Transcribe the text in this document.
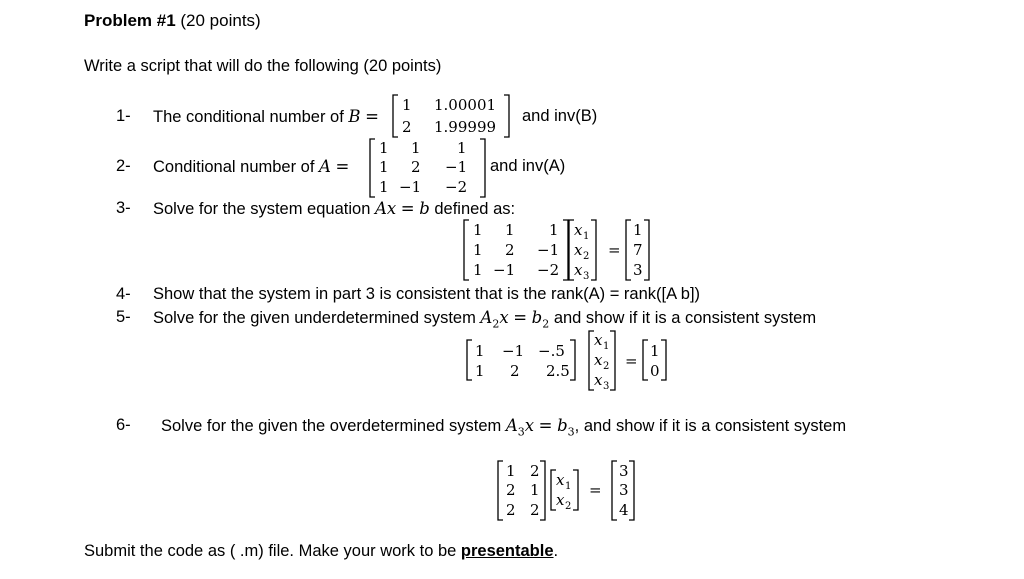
Problem #1 (20 points)
Write a script that will do the following (20 points)
1- The conditional number of B =
1 1.00001
2 1.99999
and inv(B)
2- Conditional number of A =
1 1 1
1 2 −1
1 −1 −2
and inv(A)
3- Solve for the system equation Ax = b defined as:
1 1 1
1 2 −1
1 −1 −2
x 1
x 2
x 3
=
1
7
3
4- Show that the system in part 3 is consistent that is the rank(A) = rank([A b])
5- Solve for the given underdetermined system $A_2x = b_2$ and show if it is a consistent system
1 −1 −.5
1 2 2.5
x 1
x 2
x 3
=
1
0
6- Solve for the given the overdetermined system $A_3x = b_3$, and show if it is a consistent system
1 2
2 1
2 2
x 1
x 2
=
3
3
4
Submit the code as ( .m) file. Make your work to be presentable.
